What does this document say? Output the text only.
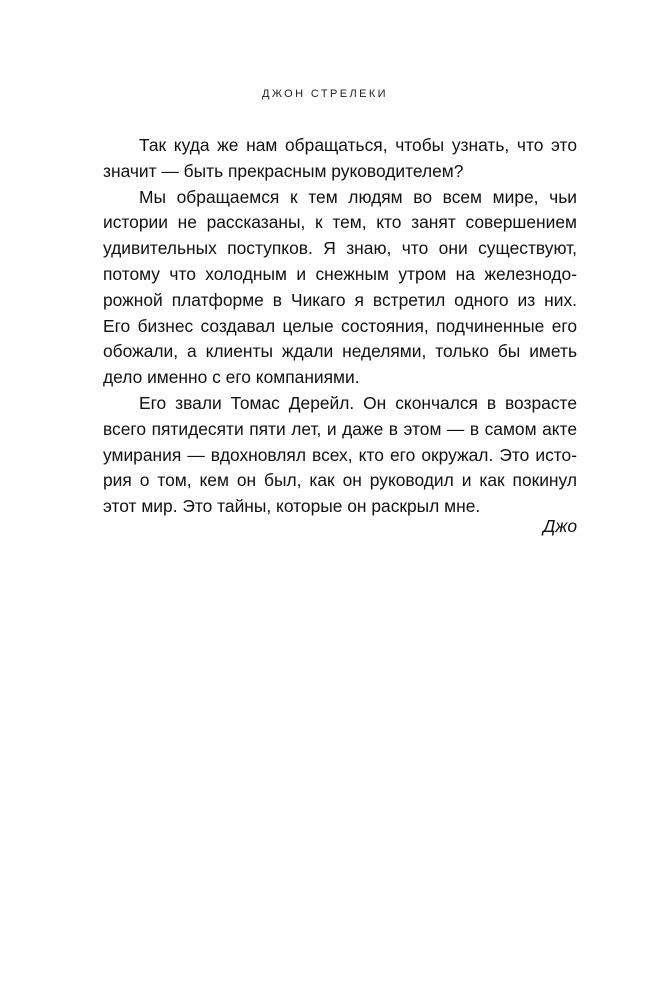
ДЖОН СТРЕЛЕКИ
Так куда же нам обращаться, чтобы узнать, что это
значит — быть прекрасным руководителем?
Мы обращаемся к тем людям во всем мире, чьи
истории не рассказаны, к тем, кто занят совершением
удивительных поступков. Я знаю, что они существуют,
потому что холодным и снежным утром на железнодо-
рожной платформе в Чикаго я встретил одного из них.
Его бизнес создавал целые состояния, подчиненные его
обожали, а клиенты ждали неделями, только бы иметь
дело именно с его компаниями.
Его звали Томас Дерейл. Он скончался в возрасте
всего пятидесяти пяти лет, и даже в этом — в самом акте
умирания — вдохновлял всех, кто его окружал. Это исто-
рия о том, кем он был, как он руководил и как покинул
этот мир. Это тайны, которые он раскрыл мне.
Джо
